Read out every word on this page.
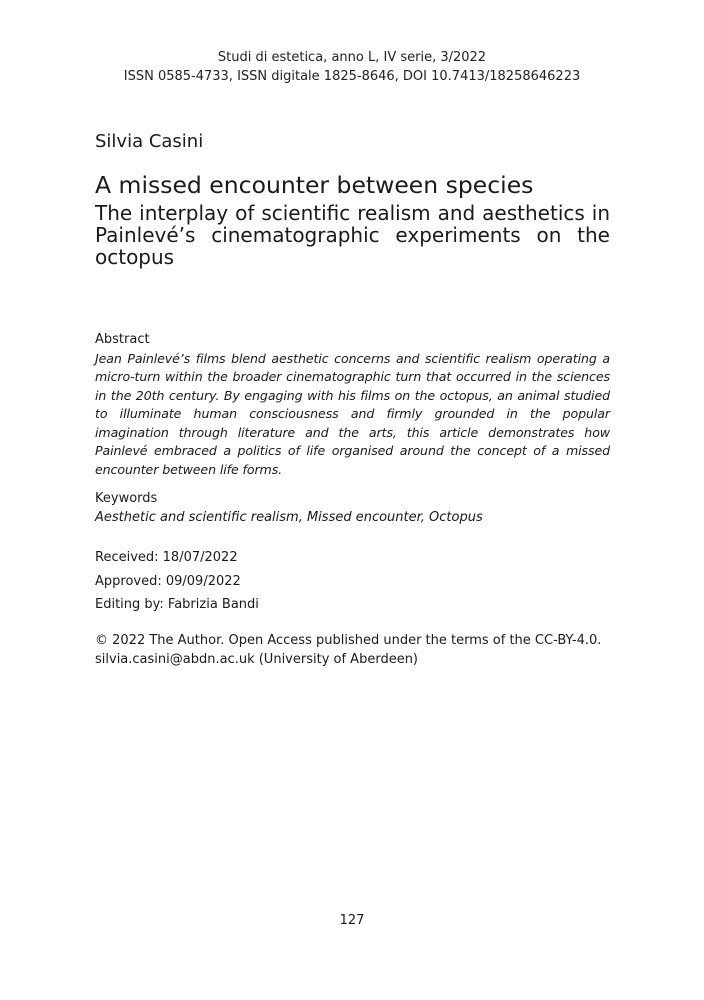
Studi di estetica, anno L, IV serie, 3/2022
ISSN 0585-4733, ISSN digitale 1825-8646, DOI 10.7413/18258646223
Silvia Casini
A missed encounter between species
The interplay of scientific realism and aesthetics in Painlevé’s cinematographic experiments on the octopus
Abstract
Jean Painlevé’s films blend aesthetic concerns and scientific realism operating a micro-turn within the broader cinematographic turn that occurred in the sciences in the 20th century. By engaging with his films on the octopus, an animal studied to illuminate human consciousness and firmly grounded in the popular imagination through literature and the arts, this article demonstrates how Painlevé embraced a politics of life organised around the concept of a missed encounter between life forms.
Keywords
Aesthetic and scientific realism, Missed encounter, Octopus
Received: 18/07/2022
Approved: 09/09/2022
Editing by: Fabrizia Bandi
© 2022 The Author. Open Access published under the terms of the CC-BY-4.0.
silvia.casini@abdn.ac.uk (University of Aberdeen)
127
